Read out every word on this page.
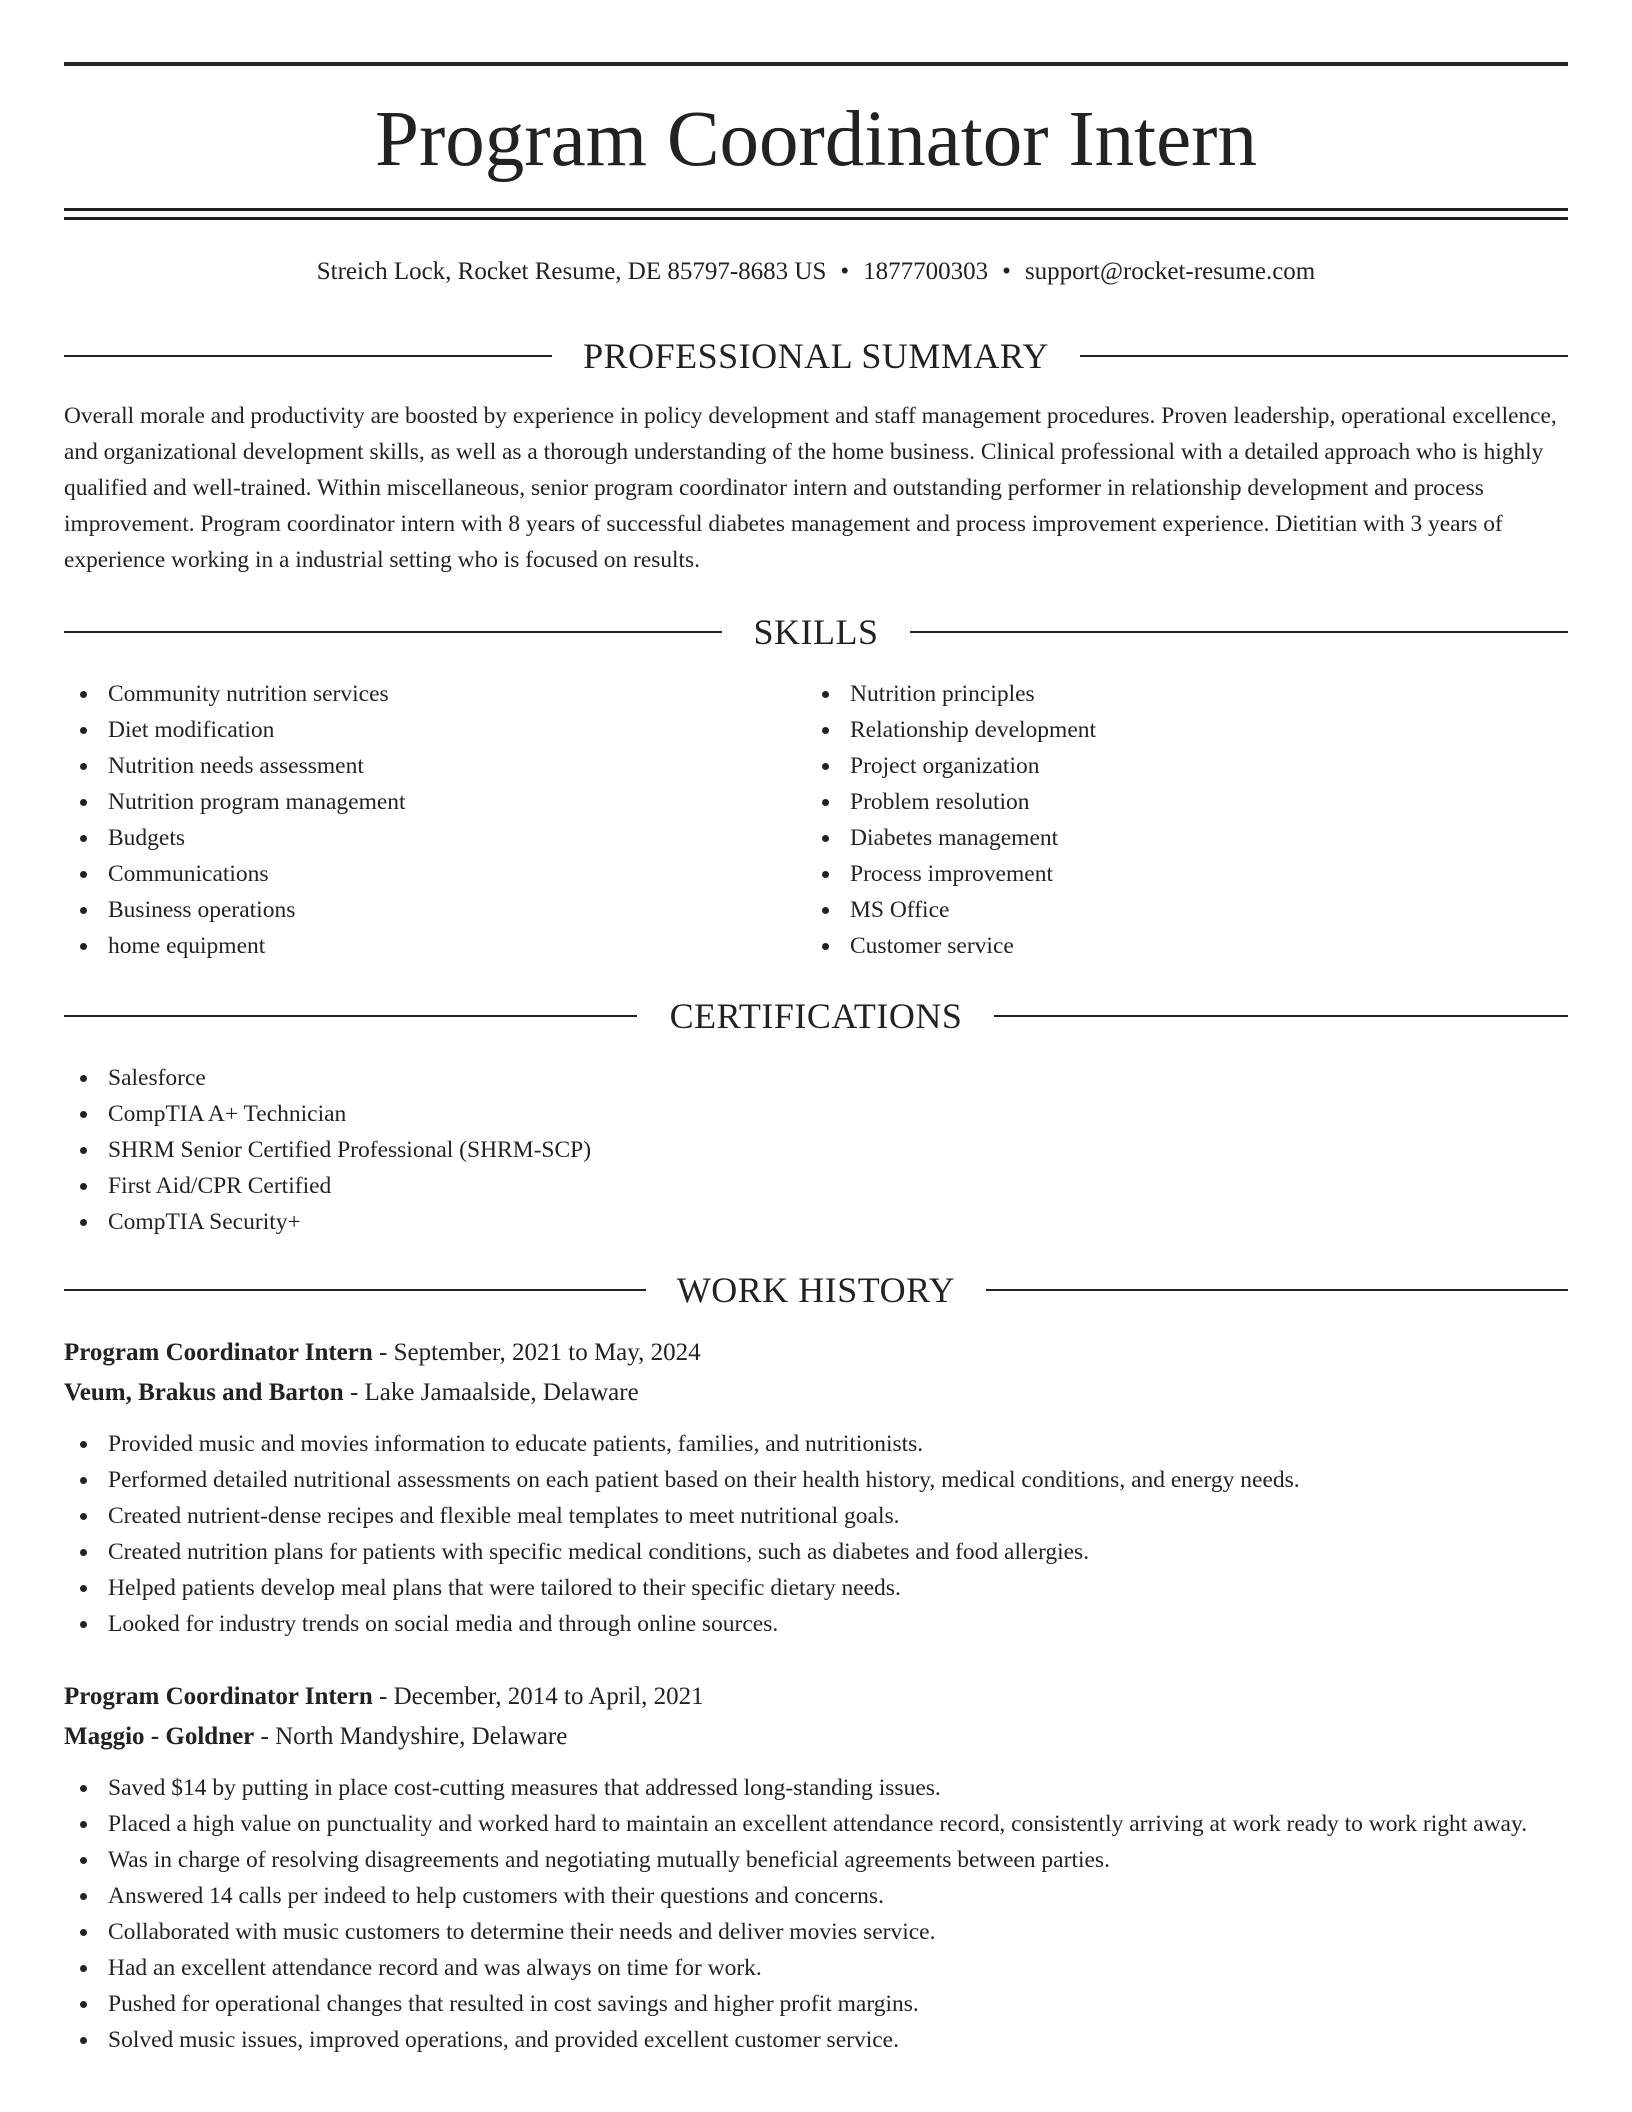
Program Coordinator Intern
Streich Lock, Rocket Resume, DE 85797-8683 US • 1877700303 • support@rocket-resume.com
PROFESSIONAL SUMMARY

Overall morale and productivity are boosted by experience in policy development and staff management procedures. Proven leadership, operational excellence, and organizational development skills, as well as a thorough understanding of the home business. Clinical professional with a detailed approach who is highly qualified and well-trained. Within miscellaneous, senior program coordinator intern and outstanding performer in relationship development and process improvement. Program coordinator intern with 8 years of successful diabetes management and process improvement experience. Dietitian with 3 years of experience working in a industrial setting who is focused on results.

SKILLS
Community nutrition services
Diet modification
Nutrition needs assessment
Nutrition program management
Budgets
Communications
Business operations
home equipment
Nutrition principles
Relationship development
Project organization
Problem resolution
Diabetes management
Process improvement
MS Office
Customer service
CERTIFICATIONS
Salesforce
CompTIA A+ Technician
SHRM Senior Certified Professional (SHRM-SCP)
First Aid/CPR Certified
CompTIA Security+
WORK HISTORY
Program Coordinator Intern - September, 2021 to May, 2024
Veum, Brakus and Barton - Lake Jamaalside, Delaware
Provided music and movies information to educate patients, families, and nutritionists.
Performed detailed nutritional assessments on each patient based on their health history, medical conditions, and energy needs.
Created nutrient-dense recipes and flexible meal templates to meet nutritional goals.
Created nutrition plans for patients with specific medical conditions, such as diabetes and food allergies.
Helped patients develop meal plans that were tailored to their specific dietary needs.
Looked for industry trends on social media and through online sources.
Program Coordinator Intern - December, 2014 to April, 2021
Maggio - Goldner - North Mandyshire, Delaware
Saved $14 by putting in place cost-cutting measures that addressed long-standing issues.
Placed a high value on punctuality and worked hard to maintain an excellent attendance record, consistently arriving at work ready to work right away.
Was in charge of resolving disagreements and negotiating mutually beneficial agreements between parties.
Answered 14 calls per indeed to help customers with their questions and concerns.
Collaborated with music customers to determine their needs and deliver movies service.
Had an excellent attendance record and was always on time for work.
Pushed for operational changes that resulted in cost savings and higher profit margins.
Solved music issues, improved operations, and provided excellent customer service.
